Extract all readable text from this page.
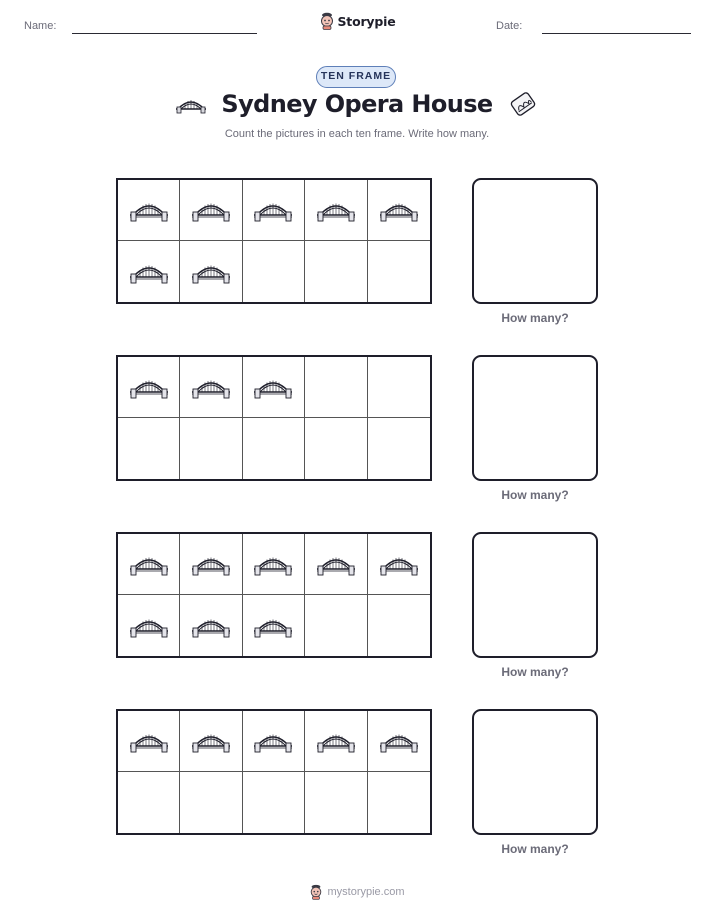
Name:	Storypie	Date:
TEN FRAME
Sydney Opera House
Count the pictures in each ten frame. Write how many.
How many?
How many?
How many?
How many?
mystorypie.com
